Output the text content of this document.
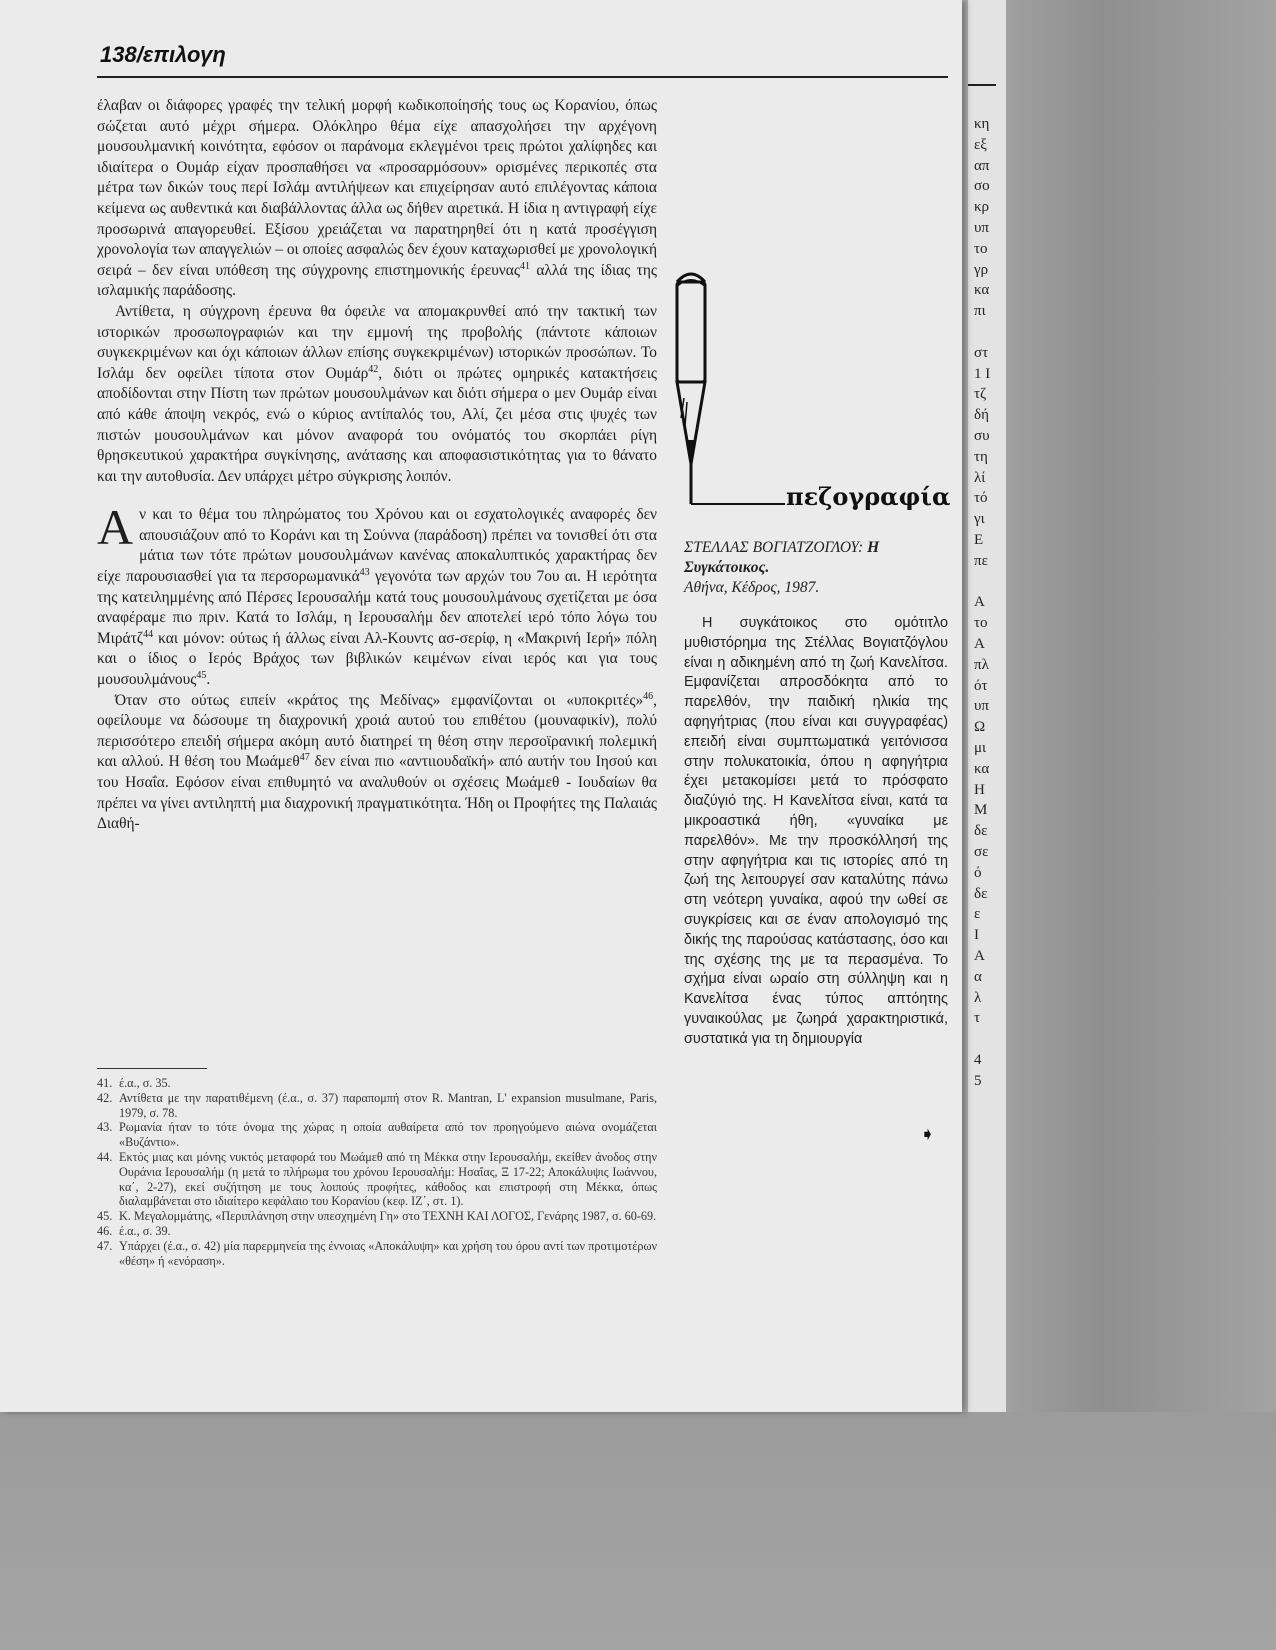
κη
εξ
απ
σο
κρ
υπ
το
γρ
κα
πι
στ
1 Ι
τζ
δή
συ
τη
λί
τό
γι
Ε
πε
Α
το
Α
πλ
ότ
υπ
Ω
μι
κα
Η
Μ
δε
σε
ό
δε
ε
Ι
Α
α
λ
τ
4
5
138/επιλογη

έλαβαν οι διάφορες γραφές την τελική μορφή κωδικοποίησής τους ως Κορανίου, όπως σώζεται αυτό μέχρι σήμερα. Ολόκληρο θέμα είχε απασχολήσει την αρχέγονη μουσουλμανική κοινότητα, εφόσον οι παράνομα εκλεγμένοι τρεις πρώτοι χαλίφηδες και ιδιαίτερα ο Ουμάρ είχαν προσπαθήσει να «προσαρμόσουν» ορισμένες περικοπές στα μέτρα των δικών τους περί Ισλάμ αντιλήψεων και επιχείρησαν αυτό επιλέγοντας κάποια κείμενα ως αυθεντικά και διαβάλλοντας άλλα ως δήθεν αιρετικά. Η ίδια η αντιγραφή είχε προσωρινά απαγορευθεί. Εξίσου χρειάζεται να παρατηρηθεί ότι η κατά προσέγγιση χρονολογία των απαγγελιών – οι οποίες ασφαλώς δεν έχουν καταχωρισθεί με χρονολογική σειρά – δεν είναι υπόθεση της σύγχρονης επιστημονικής έρευνας$^{41}$ αλλά της ίδιας της ισλαμικής παράδοσης.

Αντίθετα, η σύγχρονη έρευνα θα όφειλε να απομακρυνθεί από την τακτική των ιστορικών προσωπογραφιών και την εμμονή της προβολής (πάντοτε κάποιων συγκεκριμένων και όχι κάποιων άλλων επίσης συγκεκριμένων) ιστορικών προσώπων. Το Ισλάμ δεν οφείλει τίποτα στον Ουμάρ$^{42}$, διότι οι πρώτες ομηρικές κατακτήσεις αποδίδονται στην Πίστη των πρώτων μουσουλμάνων και διότι σήμερα ο μεν Ουμάρ είναι από κάθε άποψη νεκρός, ενώ ο κύριος αντίπαλός του, Αλί, ζει μέσα στις ψυχές των πιστών μουσουλμάνων και μόνον αναφορά του ονόματός του σκορπάει ρίγη θρησκευτικού χαρακτήρα συγκίνησης, ανάτασης και αποφασιστικότητας για το θάνατο και την αυτοθυσία. Δεν υπάρχει μέτρο σύγκρισης λοιπόν.

Αν και το θέμα του πληρώματος του Χρόνου και οι εσχατολογικές αναφορές δεν απουσιάζουν από το Κοράνι και τη Σούννα (παράδοση) πρέπει να τονισθεί ότι στα μάτια των τότε πρώτων μουσουλμάνων κανένας αποκαλυπτικός χαρακτήρας δεν είχε παρουσιασθεί για τα περσορωμανικά$^{43}$ γεγονότα των αρχών του 7ου αι. Η ιερότητα της κατειλημμένης από Πέρσες Ιερουσαλήμ κατά τους μουσουλμάνους σχετίζεται με όσα αναφέραμε πιο πριν. Κατά το Ισλάμ, η Ιερουσαλήμ δεν αποτελεί ιερό τόπο λόγω του Μιράτζ$^{44}$ και μόνον: ούτως ή άλλως είναι Αλ-Κουντς ασ-σερίφ, η «Μακρινή Ιερή» πόλη και ο ίδιος ο Ιερός Βράχος των βιβλικών κειμένων είναι ιερός και για τους μουσουλμάνους$^{45}$.

Όταν στο ούτως ειπείν «κράτος της Μεδίνας» εμφανίζονται οι «υποκριτές»$^{46}$, οφείλουμε να δώσουμε τη διαχρονική χροιά αυτού του επιθέτου (μουναφικίν), πολύ περισσότερο επειδή σήμερα ακόμη αυτό διατηρεί τη θέση στην περσοϊρανική πολεμική και αλλού. Η θέση του Μωάμεθ$^{47}$ δεν είναι πιο «αντιιουδαϊκή» από αυτήν του Ιησού και του Ησαΐα. Εφόσον είναι επιθυμητό να αναλυθούν οι σχέσεις Μωάμεθ - Ιουδαίων θα πρέπει να γίνει αντιληπτή μια διαχρονική πραγματικότητα. Ήδη οι Προφήτες της Παλαιάς Διαθή-

41. έ.α., σ. 35.
42. Αντίθετα με την παρατιθέμενη (έ.α., σ. 37) παραπομπή στον R. Mantran, L' expansion musulmane, Paris, 1979, σ. 78.
43. Ρωμανία ήταν το τότε όνομα της χώρας η οποία αυθαίρετα από τον προηγούμενο αιώνα ονομάζεται «Βυζάντιο».
44. Εκτός μιας και μόνης νυκτός μεταφορά του Μωάμεθ από τη Μέκκα στην Ιερουσαλήμ, εκείθεν άνοδος στην Ουράνια Ιερουσαλήμ (η μετά το πλήρωμα του χρόνου Ιερουσαλήμ: Ησαΐας, Ξ 17-22; Αποκάλυψις Ιωάννου, κα΄, 2-27), εκεί συζήτηση με τους λοιπούς προφήτες, κάθοδος και επιστροφή στη Μέκκα, όπως διαλαμβάνεται στο ιδιαίτερο κεφάλαιο του Κορανίου (κεφ. ΙΖ΄, στ. 1).
45. Κ. Μεγαλομμάτης, «Περιπλάνηση στην υπεσχημένη Γη» στο ΤΕΧΝΗ ΚΑΙ ΛΟΓΟΣ, Γενάρης 1987, σ. 60-69.
46. έ.α., σ. 39.
47. Υπάρχει (έ.α., σ. 42) μία παρερμηνεία της έννοιας «Αποκάλυψη» και χρήση του όρου αντί των προτιμοτέρων «θέση» ή «ενόραση».
πεζογραφία
ΣΤΕΛΛΑΣ ΒΟΓΙΑΤΖΟΓΛΟΥ: Η Συγκάτοικος.
Αθήνα, Κέδρος, 1987.
Η συγκάτοικος στο ομότιτλο μυθιστόρημα της Στέλλας Βογιατζόγλου είναι η αδικημένη από τη ζωή Κανελίτσα. Εμφανίζεται απροσδόκητα από το παρελθόν, την παιδική ηλικία της αφηγήτριας (που είναι και συγγραφέας) επειδή είναι συμπτωματικά γειτόνισσα στην πολυκατοικία, όπου η αφηγήτρια έχει μετακομίσει μετά το πρόσφατο διαζύγιό της. Η Κανελίτσα είναι, κατά τα μικροαστικά ήθη, «γυναίκα με παρελθόν». Με την προσκόλλησή της στην αφηγήτρια και τις ιστορίες από τη ζωή της λειτουργεί σαν καταλύτης πάνω στη νεότερη γυναίκα, αφού την ωθεί σε συγκρίσεις και σε έναν απολογισμό της δικής της παρούσας κατάστασης, όσο και της σχέσης της με τα περασμένα. Το σχήμα είναι ωραίο στη σύλληψη και η Κανελίτσα ένας τύπος απτόητης γυναικούλας με ζωηρά χαρακτηριστικά, συστατικά για τη δημιουργία
➧
